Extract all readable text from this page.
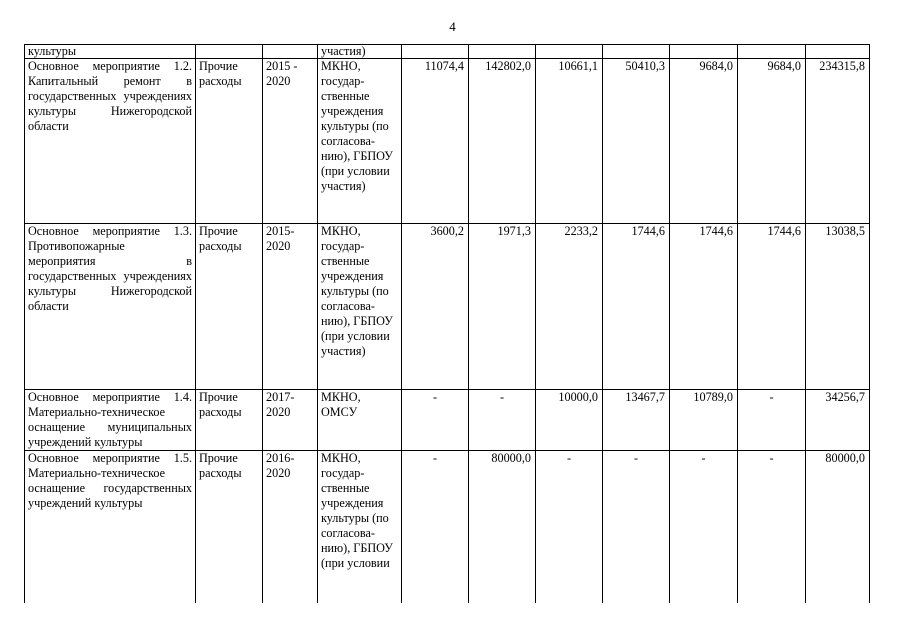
4
культуры			участия)							
Основное мероприятие 1.2. Капитальный ремонт в государственных учреждениях культуры Нижегородской области	Прочие расходы	2015 - 2020	МКНО, государ-ственные учреждения культуры (по согласова-нию), ГБПОУ (при условии участия)	11074,4	142802,0	10661,1	50410,3	9684,0	9684,0	234315,8
Основное мероприятие 1.3. Противопожарные мероприятия в государственных учреждениях культуры Нижегородской области	Прочие расходы	2015-2020	МКНО, государ-ственные учреждения культуры (по согласова-нию), ГБПОУ (при условии участия)	3600,2	1971,3	2233,2	1744,6	1744,6	1744,6	13038,5
Основное мероприятие 1.4. Материально-техническое оснащение муниципальных учреждений культуры	Прочие расходы	2017-2020	МКНО, ОМСУ	-	-	10000,0	13467,7	10789,0	-	34256,7
Основное мероприятие 1.5. Материально-техническое оснащение государственных учреждений культуры	Прочие расходы	2016-2020	МКНО, государ-ственные учреждения культуры (по согласова-нию), ГБПОУ (при условии	-	80000,0	-	-	-	-	80000,0
